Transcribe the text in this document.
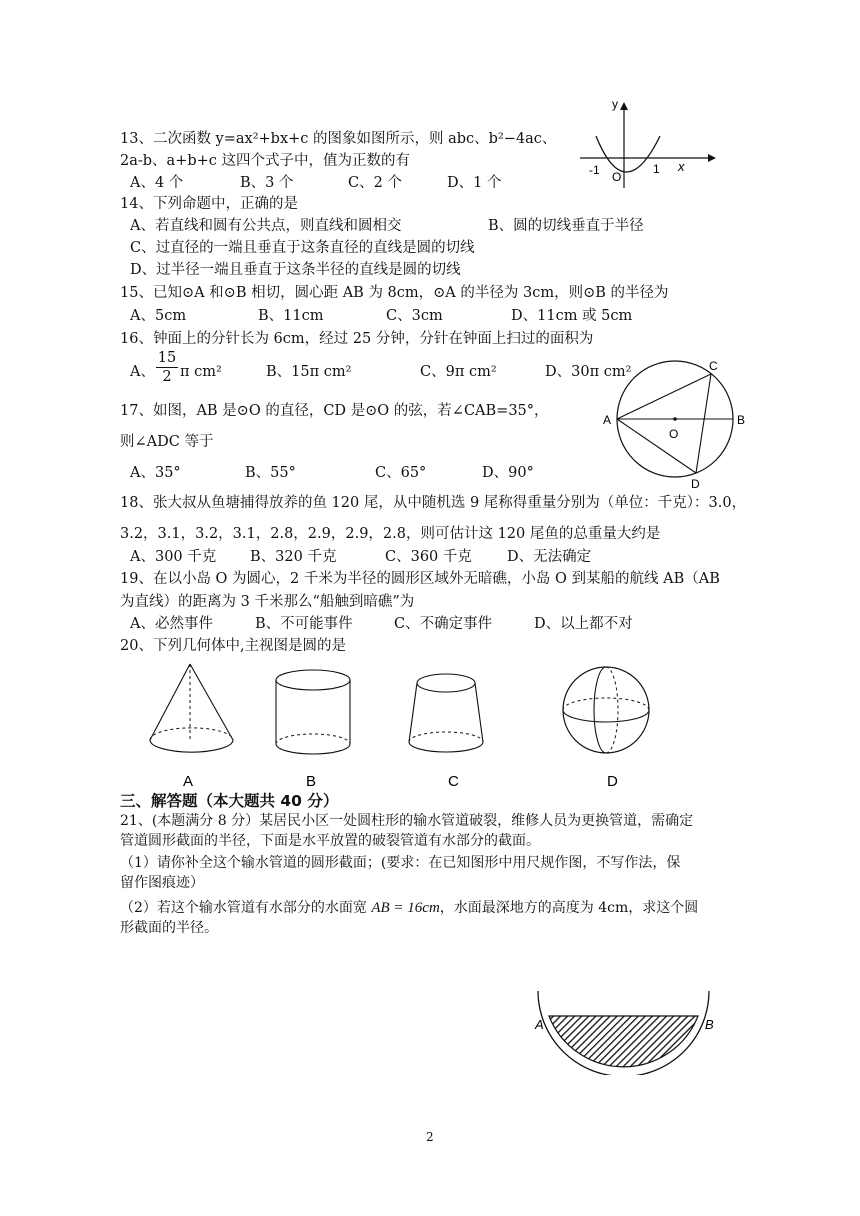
13、二次函数 y=ax²+bx+c 的图象如图所示，则 abc、b²−4ac、
2a-b、a+b+c 这四个式子中，值为正数的有
A、4 个	B、3 个	C、2 个	D、1 个
y
x
-1 O
1
14、下列命题中，正确的是
A、若直线和圆有公共点，则直线和圆相交	B、圆的切线垂直于半径
C、过直径的一端且垂直于这条直径的直线是圆的切线
D、过半径一端且垂直于这条半径的直线是圆的切线
15、已知⊙A 和⊙B 相切，圆心距 AB 为 8cm，⊙A 的半径为 3cm，则⊙B 的半径为
A、5cm	B、11cm	C、3cm	D、11cm 或 5cm
16、钟面上的分针长为 6cm，经过 25 分钟，分针在钟面上扫过的面积为
A、
15
2 π cm²	B、15π cm²	C、9π cm²	D、30π cm²
17、如图，AB 是⊙O 的直径，CD 是⊙O 的弦，若∠CAB=35°，
则∠ADC 等于
A、35°	B、55°	C、65°	D、90°
A	B
C
D
O
18、张大叔从鱼塘捕得放养的鱼 120 尾，从中随机选 9 尾称得重量分别为（单位：千克）：3.0，
3.2，3.1，3.2，3.1，2.8，2.9，2.9，2.8，则可估计这 120 尾鱼的总重量大约是
A、300 千克 B、320 千克	C、360 千克 D、无法确定
19、在以小岛 O 为圆心，2 千米为半径的圆形区域外无暗礁，小岛 O 到某船的航线 AB（AB
为直线）的距离为 3 千米那么“船触到暗礁”为
A、必然事件	B、不可能事件	C、不确定事件	D、以上都不对
20、下列几何体中,主视图是圆的是
A	B	C	D
三、解答题（本大题共 40 分）
21、(本题满分 8 分）某居民小区一处圆柱形的输水管道破裂，维修人员为更换管道，需确定
管道圆形截面的半径，下面是水平放置的破裂管道有水部分的截面。
（1）请你补全这个输水管道的圆形截面；(要求：在已知图形中用尺规作图，不写作法，保
留作图痕迹）
（2）若这个输水管道有水部分的水面宽 AB = 16cm，水面最深地方的高度为 4cm，求这个圆
形截面的半径。
A	B
2
